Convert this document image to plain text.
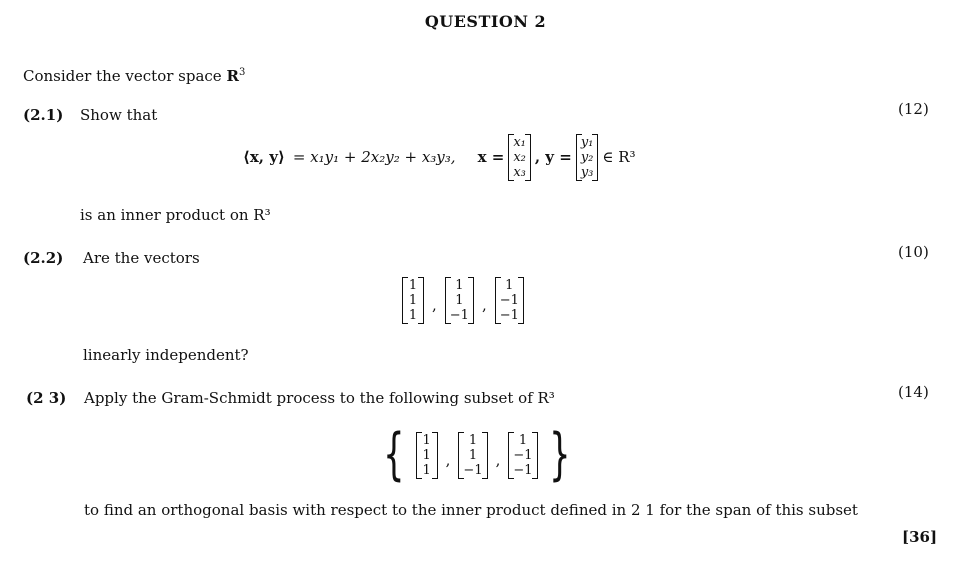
QUESTION 2
Consider the vector space $R^3$
(2.1) Show that	(12)
⟨x, y⟩ = x₁y₁ + 2x₂y₂ + x₃y₃, x =
x₁
x₂
x₃
, y =
y₁
y₂
y₃
∈ R³
is an inner product on R³
(2.2) Are the vectors	(10)
1
1
1
,
1
1
−1
,
1
−1
−1
linearly independent?
(2 3) Apply the Gram-Schmidt process to the following subset of R³	(14)
{ 1
1
1
,
1
1
−1
,
1
−1
−1 }
to find an orthogonal basis with respect to the inner product defined in 2 1 for the span of this subset
[36]
